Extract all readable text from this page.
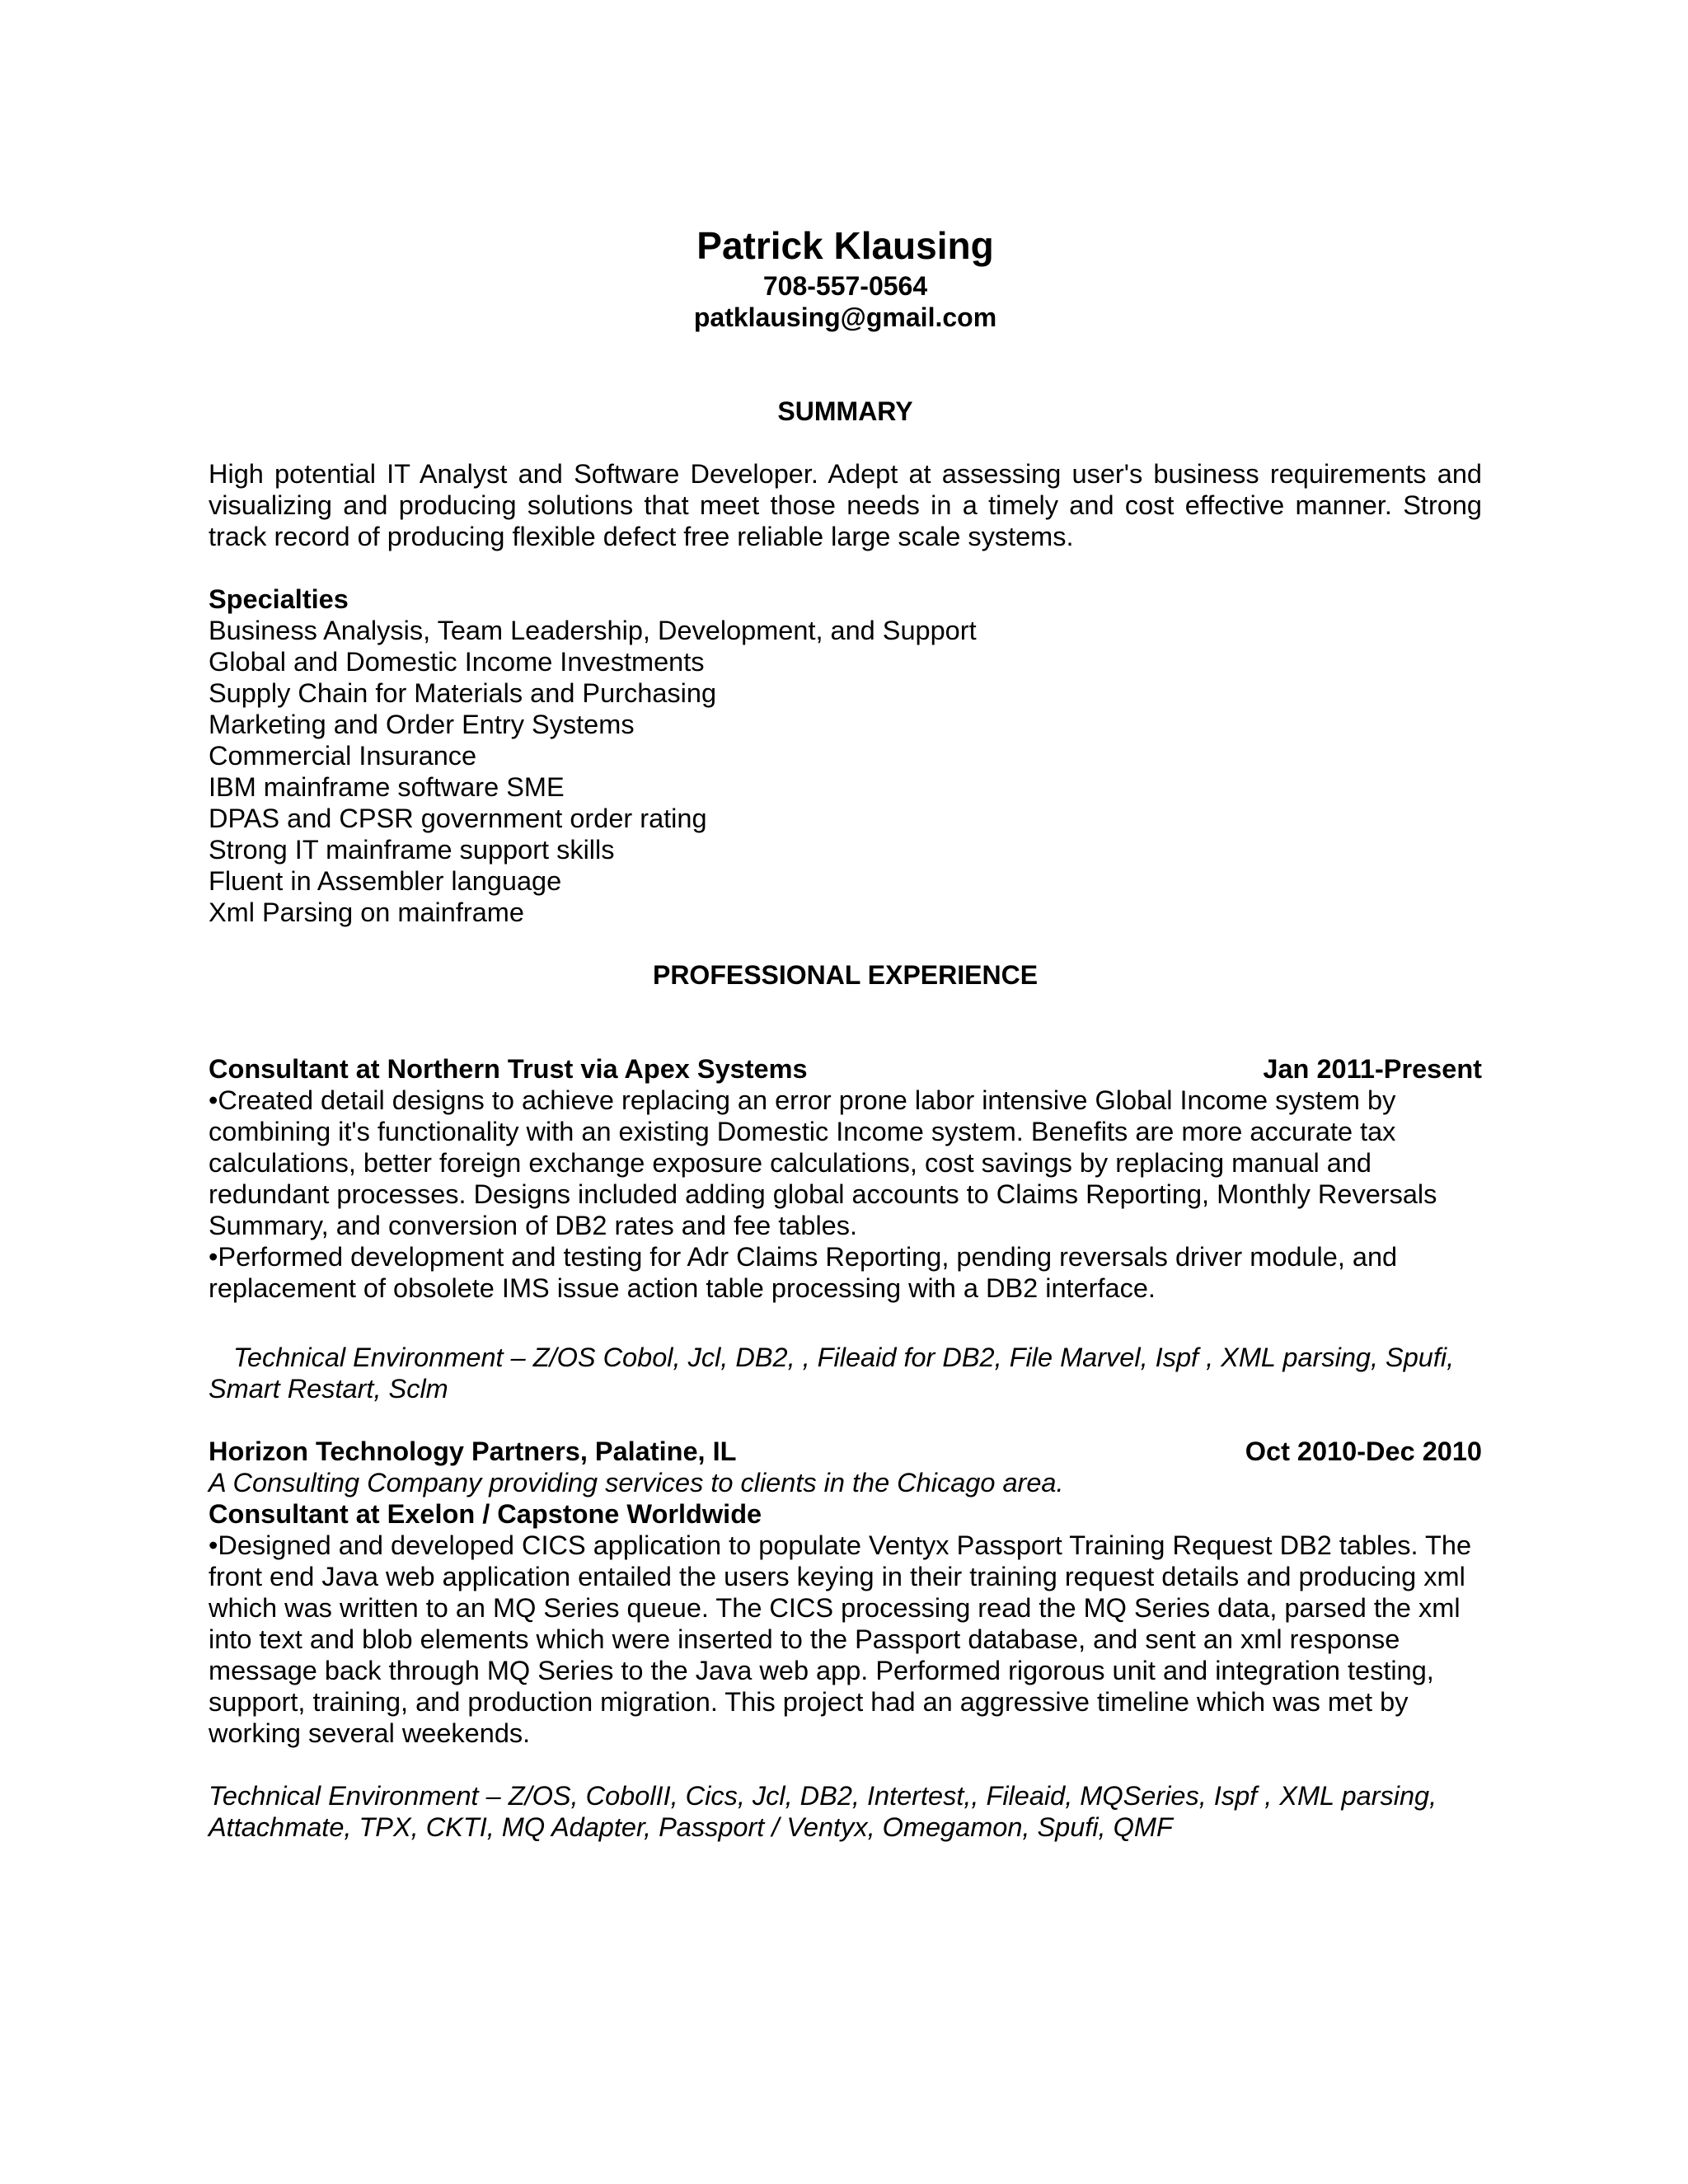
Patrick Klausing

708-557-0564

patklausing@gmail.com

SUMMARY

High potential IT Analyst and Software Developer. Adept at assessing user's business requirements and visualizing and producing solutions that meet those needs in a timely and cost effective manner. Strong track record of producing flexible defect free reliable large scale systems.

Specialties

Business Analysis, Team Leadership, Development, and Support
Global and Domestic Income Investments
Supply Chain for Materials and Purchasing
Marketing and Order Entry Systems
Commercial Insurance
IBM mainframe software SME
DPAS and CPSR government order rating
Strong IT mainframe support skills
Fluent in Assembler language
Xml Parsing on mainframe
PROFESSIONAL EXPERIENCE
Consultant at Northern Trust via Apex Systems	Jan 2011-Present

•Created detail designs to achieve replacing an error prone labor intensive Global Income system by combining it's functionality with an existing Domestic Income system. Benefits are more accurate tax calculations, better foreign exchange exposure calculations, cost savings by replacing manual and redundant processes. Designs included adding global accounts to Claims Reporting, Monthly Reversals Summary, and conversion of DB2 rates and fee tables.

•Performed development and testing for Adr Claims Reporting, pending reversals driver module, and replacement of obsolete IMS issue action table processing with a DB2 interface.

Technical Environment – Z/OS Cobol, Jcl, DB2, , Fileaid for DB2, File Marvel, Ispf , XML parsing, Spufi, Smart Restart, Sclm

Horizon Technology Partners, Palatine, IL	Oct 2010-Dec 2010

A Consulting Company providing services to clients in the Chicago area.

Consultant at Exelon / Capstone Worldwide

•Designed and developed CICS application to populate Ventyx Passport Training Request DB2 tables. The front end Java web application entailed the users keying in their training request details and producing xml which was written to an MQ Series queue. The CICS processing read the MQ Series data, parsed the xml into text and blob elements which were inserted to the Passport database, and sent an xml response message back through MQ Series to the Java web app. Performed rigorous unit and integration testing, support, training, and production migration. This project had an aggressive timeline which was met by working several weekends.

Technical Environment – Z/OS, CobolII, Cics, Jcl, DB2, Intertest,, Fileaid, MQSeries, Ispf , XML parsing, Attachmate, TPX, CKTI, MQ Adapter, Passport / Ventyx, Omegamon, Spufi, QMF
